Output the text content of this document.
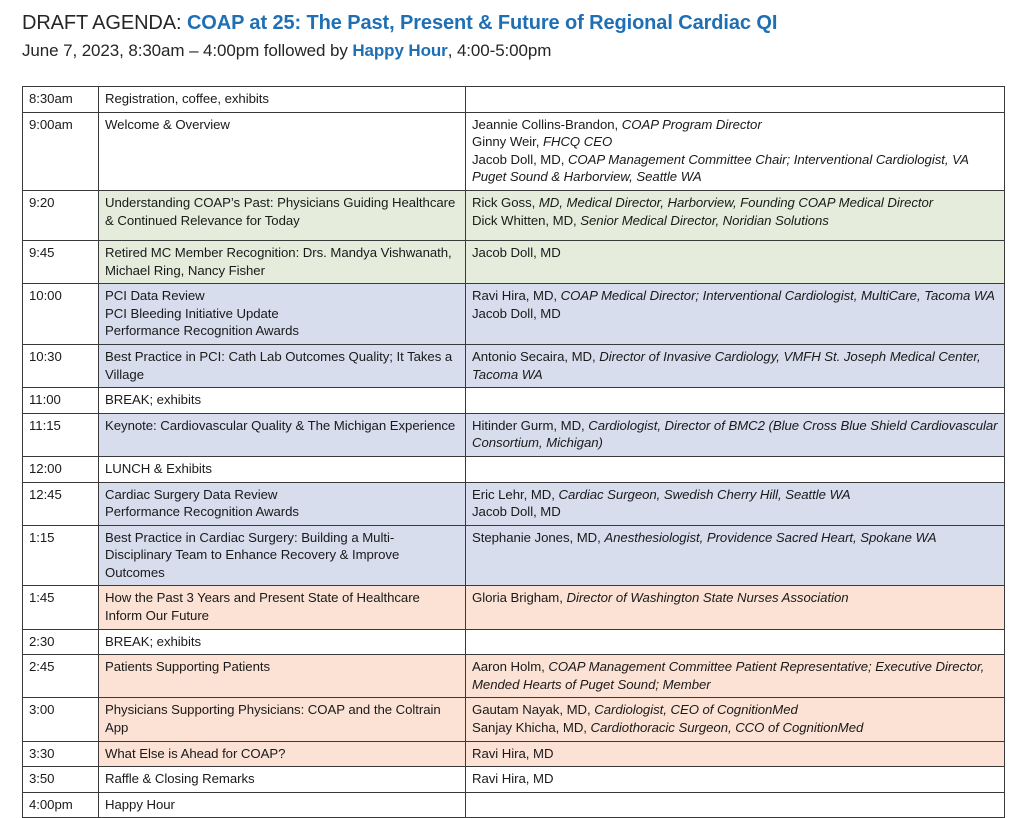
DRAFT AGENDA: COAP at 25: The Past, Present & Future of Regional Cardiac QI
June 7, 2023, 8:30am – 4:00pm followed by Happy Hour, 4:00-5:00pm
8:30am	Registration, coffee, exhibits	

9:00am	Welcome & Overview	Jeannie Collins-Brandon, COAP Program Director
Ginny Weir, FHCQ CEO
Jacob Doll, MD, COAP Management Committee Chair; Interventional Cardiologist, VA Puget Sound & Harborview, Seattle WA

9:20	Understanding COAP’s Past: Physicians Guiding Healthcare & Continued Relevance for Today	Rick Goss, MD, Medical Director, Harborview, Founding COAP Medical Director
Dick Whitten, MD, Senior Medical Director, Noridian Solutions

9:45	Retired MC Member Recognition: Drs. Mandya Vishwanath, Michael Ring, Nancy Fisher	Jacob Doll, MD

10:00	PCI Data Review
PCI Bleeding Initiative Update
Performance Recognition Awards	Ravi Hira, MD, COAP Medical Director; Interventional Cardiologist, MultiCare, Tacoma WA
Jacob Doll, MD

10:30	Best Practice in PCI: Cath Lab Outcomes Quality; It Takes a Village	Antonio Secaira, MD, Director of Invasive Cardiology, VMFH St. Joseph Medical Center, Tacoma WA

11:00	BREAK; exhibits	

11:15	Keynote: Cardiovascular Quality & The Michigan Experience	Hitinder Gurm, MD, Cardiologist, Director of BMC2 (Blue Cross Blue Shield Cardiovascular Consortium, Michigan)

12:00	LUNCH & Exhibits	

12:45	Cardiac Surgery Data Review
Performance Recognition Awards	Eric Lehr, MD, Cardiac Surgeon, Swedish Cherry Hill, Seattle WA
Jacob Doll, MD

1:15	Best Practice in Cardiac Surgery: Building a Multi-Disciplinary Team to Enhance Recovery & Improve Outcomes	Stephanie Jones, MD, Anesthesiologist, Providence Sacred Heart, Spokane WA

1:45	How the Past 3 Years and Present State of Healthcare Inform Our Future	Gloria Brigham, Director of Washington State Nurses Association

2:30	BREAK; exhibits	

2:45	Patients Supporting Patients	Aaron Holm, COAP Management Committee Patient Representative; Executive Director, Mended Hearts of Puget Sound; Member

3:00	Physicians Supporting Physicians: COAP and the Coltrain App	Gautam Nayak, MD, Cardiologist, CEO of CognitionMed
Sanjay Khicha, MD, Cardiothoracic Surgeon, CCO of CognitionMed

3:30	What Else is Ahead for COAP?	Ravi Hira, MD

3:50	Raffle & Closing Remarks	Ravi Hira, MD

4:00pm	Happy Hour	
